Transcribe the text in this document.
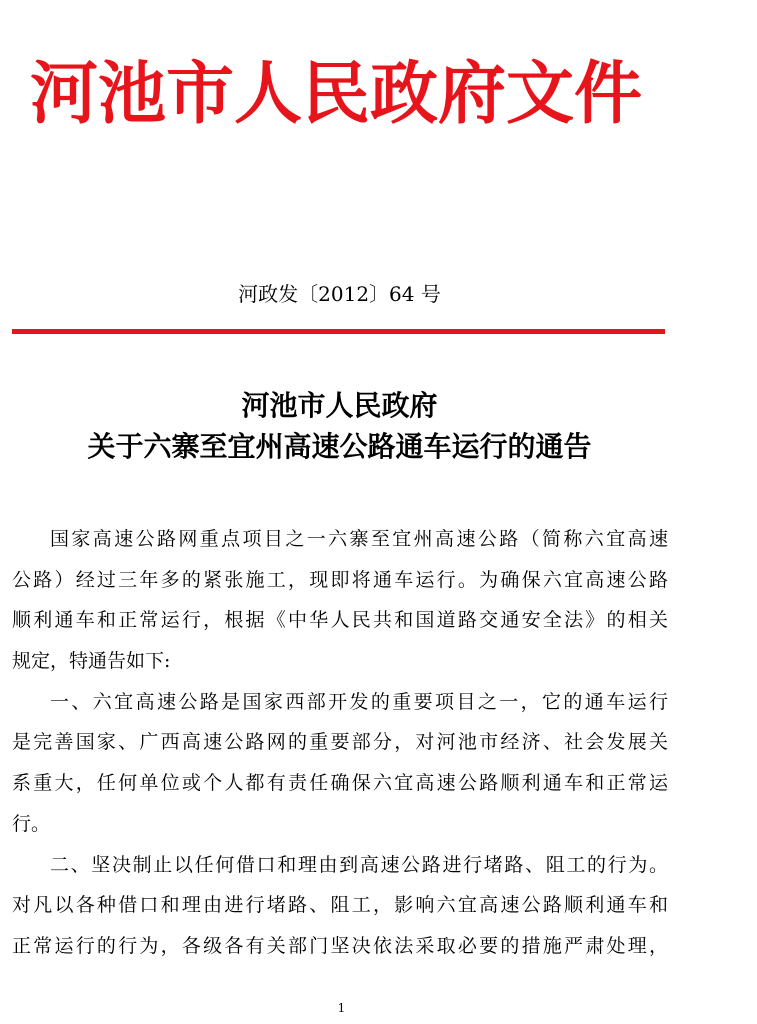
河池市人民政府文件
河政发〔2012〕64 号
河池市人民政府
关于六寨至宜州高速公路通车运行的通告
国家高速公路网重点项目之一六寨至宜州高速公路（简称六宜高速
公路）经过三年多的紧张施工，现即将通车运行。为确保六宜高速公路
顺利通车和正常运行，根据《中华人民共和国道路交通安全法》的相关
规定，特通告如下:
一、六宜高速公路是国家西部开发的重要项目之一，它的通车运行
是完善国家、广西高速公路网的重要部分，对河池市经济、社会发展关
系重大，任何单位或个人都有责任确保六宜高速公路顺利通车和正常运
行。
二、坚决制止以任何借口和理由到高速公路进行堵路、阻工的行为。
对凡以各种借口和理由进行堵路、阻工，影响六宜高速公路顺利通车和
正常运行的行为，各级各有关部门坚决依法采取必要的措施严肃处理，
1
